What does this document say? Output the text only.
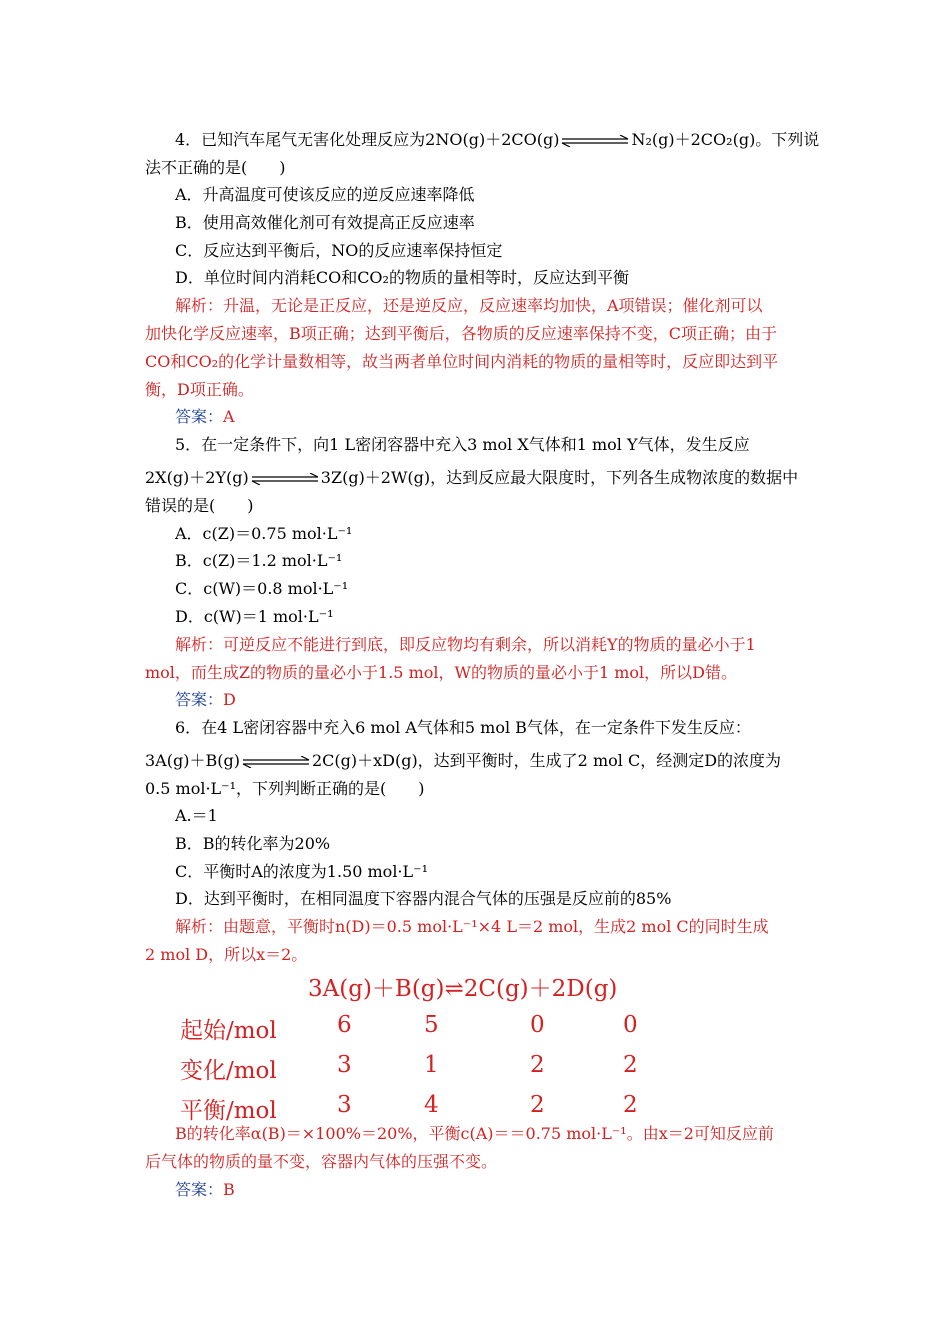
4．已知汽车尾气无害化处理反应为2NO(g)＋2CO(g)	N₂(g)＋2CO₂(g)。下列说
法不正确的是(　　)
A．升高温度可使该反应的逆反应速率降低
B．使用高效催化剂可有效提高正反应速率
C．反应达到平衡后，NO的反应速率保持恒定
D．单位时间内消耗CO和CO₂的物质的量相等时，反应达到平衡
解析：升温，无论是正反应，还是逆反应，反应速率均加快，A项错误；催化剂可以
加快化学反应速率，B项正确；达到平衡后，各物质的反应速率保持不变，C项正确；由于
CO和CO₂的化学计量数相等，故当两者单位时间内消耗的物质的量相等时，反应即达到平
衡，D项正确。
答案：A
5．在一定条件下，向1 L密闭容器中充入3 mol X气体和1 mol Y气体，发生反应
2X(g)＋2Y(g)	3Z(g)＋2W(g)，达到反应最大限度时，下列各生成物浓度的数据中
错误的是(　　)
A．c(Z)＝0.75 mol·L⁻¹
B．c(Z)＝1.2 mol·L⁻¹
C．c(W)＝0.8 mol·L⁻¹
D．c(W)＝1 mol·L⁻¹
解析：可逆反应不能进行到底，即反应物均有剩余，所以消耗Y的物质的量必小于1
mol，而生成Z的物质的量必小于1.5 mol，W的物质的量必小于1 mol，所以D错。
答案：D
6．在4 L密闭容器中充入6 mol A气体和5 mol B气体，在一定条件下发生反应：
3A(g)＋B(g)	2C(g)＋xD(g)，达到平衡时，生成了2 mol C，经测定D的浓度为
0.5 mol·L⁻¹，下列判断正确的是(　　)
A.＝1
B．B的转化率为20%
C．平衡时A的浓度为1.50 mol·L⁻¹
D．达到平衡时，在相同温度下容器内混合气体的压强是反应前的85%
解析：由题意，平衡时n(D)＝0.5 mol·L⁻¹×4 L＝2 mol，生成2 mol C的同时生成
2 mol D，所以x＝2。
3A(g)＋B(g)⇌2C(g)＋2D(g)
起始/mol	6	5	0	0
变化/mol	3	1	2	2
平衡/mol	3	4	2	2
B的转化率α(B)＝×100%＝20%，平衡c(A)＝＝0.75 mol·L⁻¹。由x＝2可知反应前
后气体的物质的量不变，容器内气体的压强不变。
答案：B
